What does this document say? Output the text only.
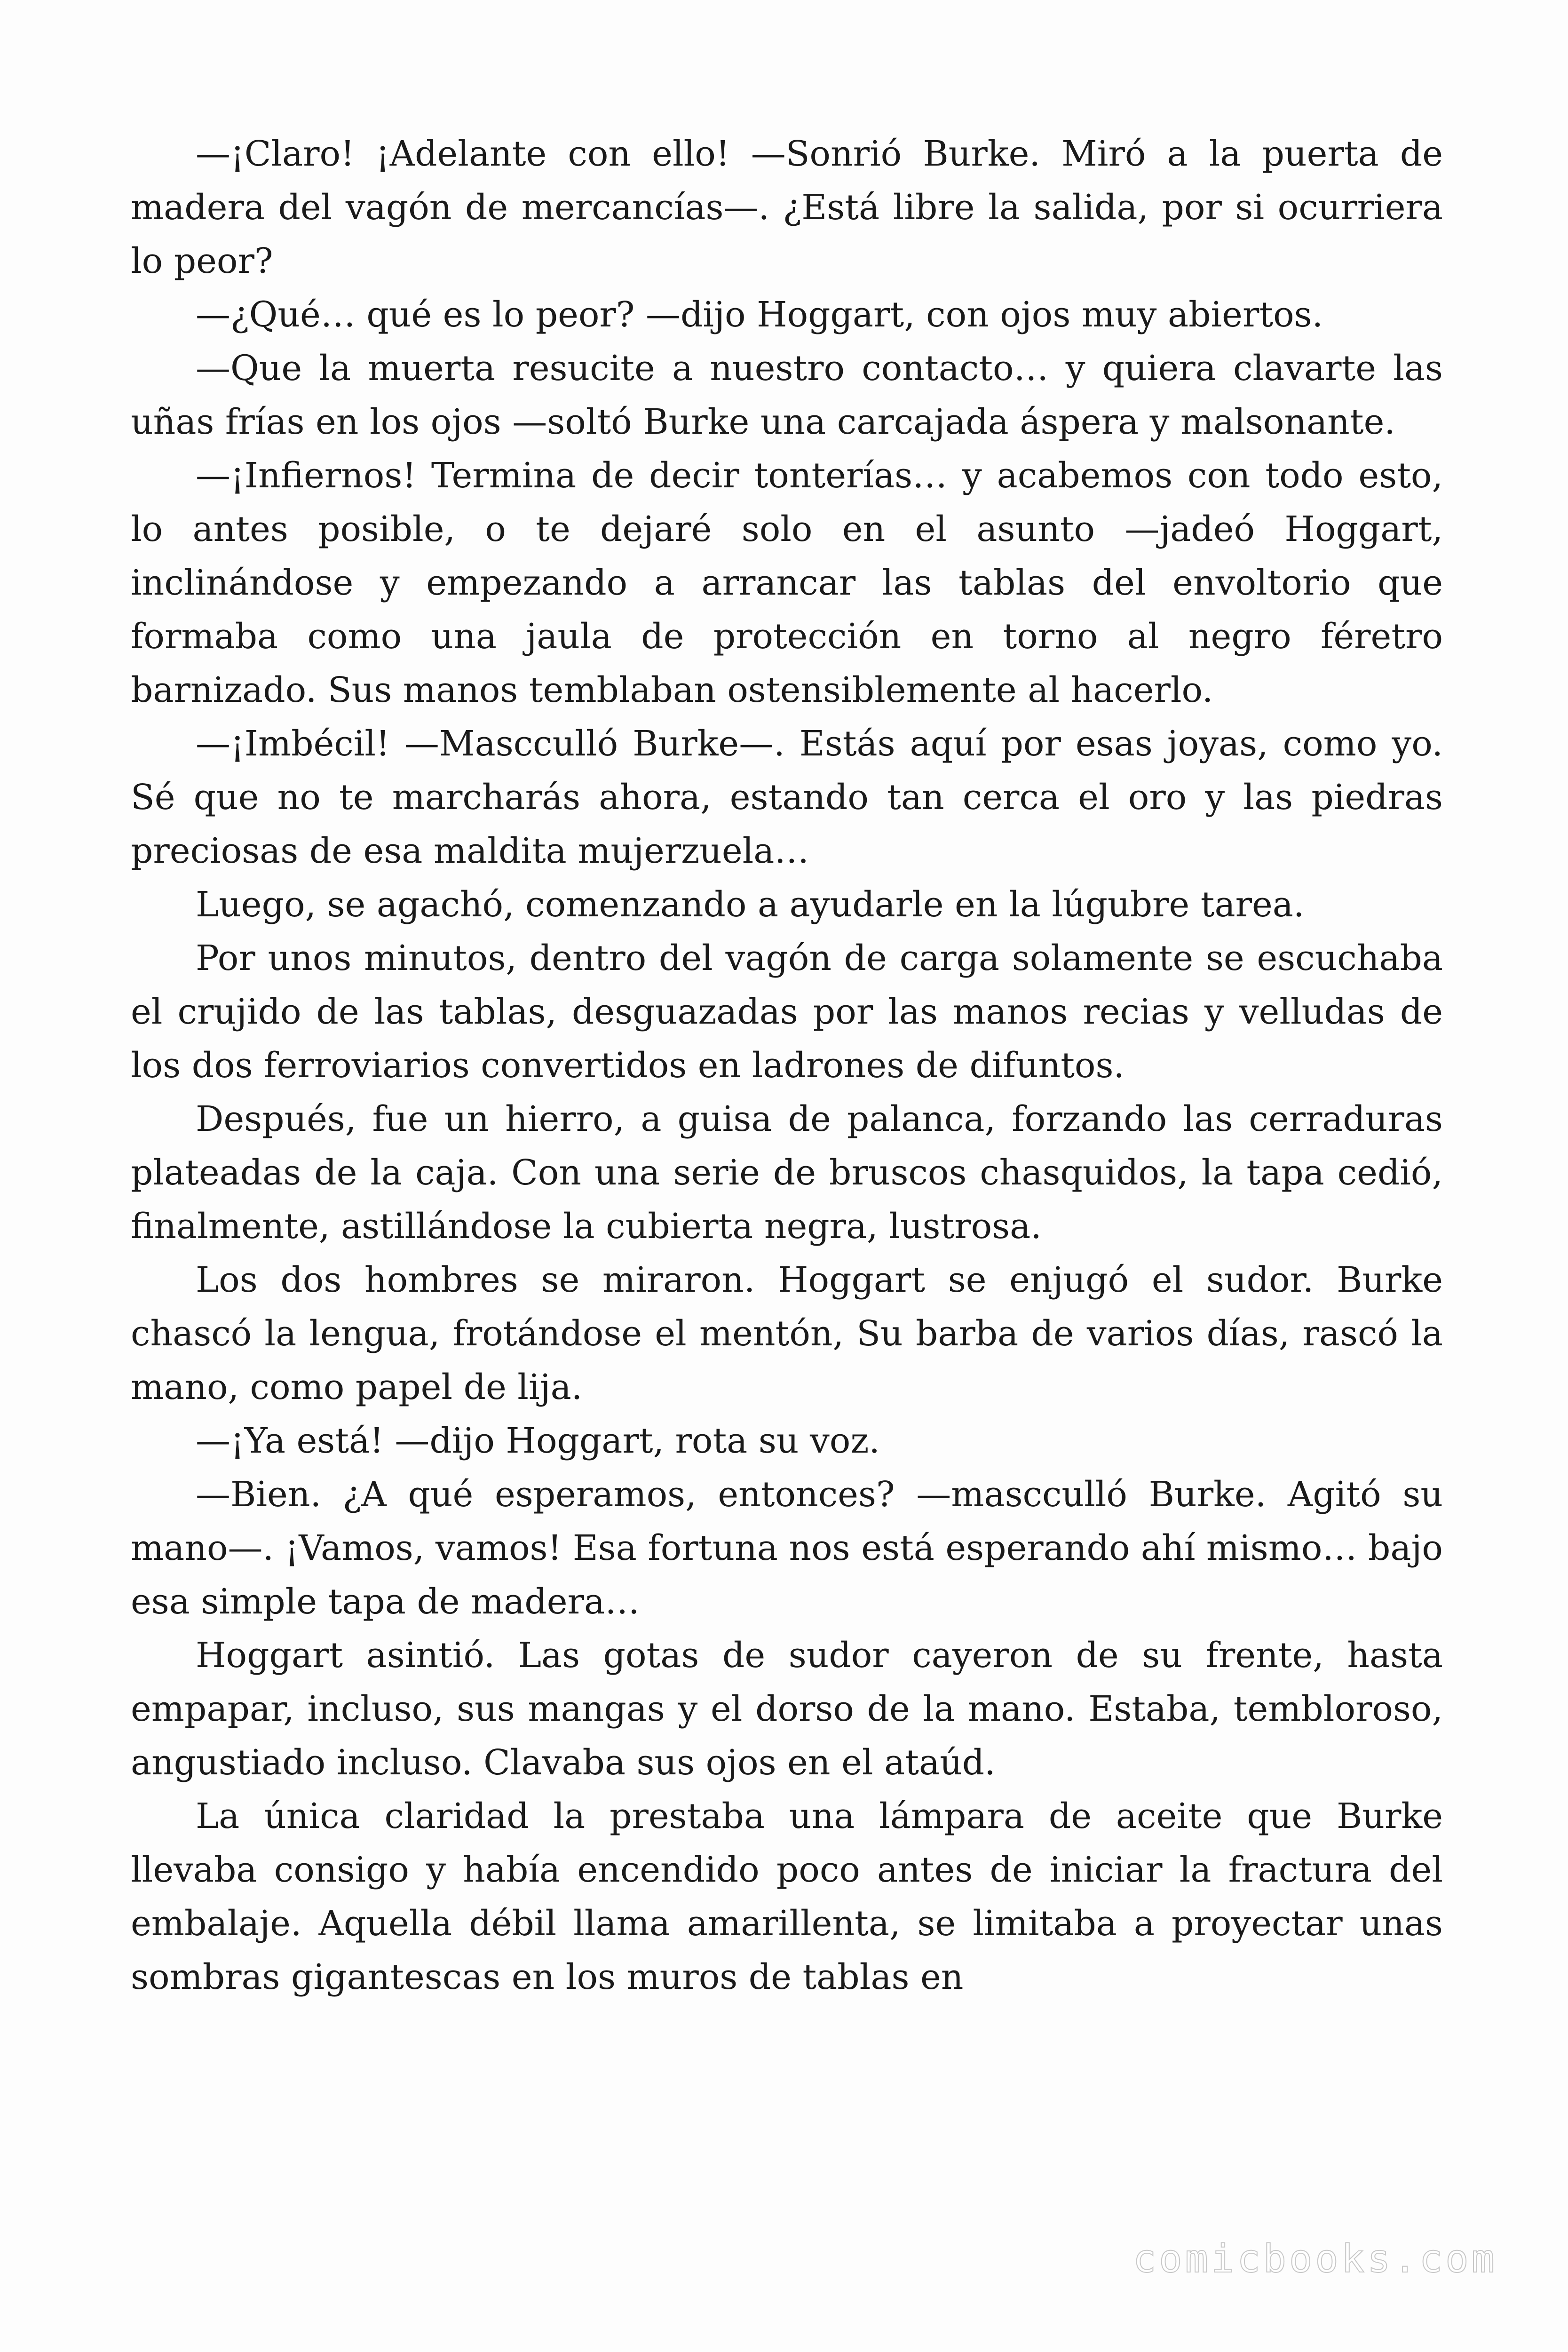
—¡Claro! ¡Adelante con ello! —Sonrió Burke. Miró a la puerta de madera del vagón de mercancías—. ¿Está libre la salida, por si ocurriera lo peor?

—¿Qué… qué es lo peor? —dijo Hoggart, con ojos muy abiertos.

—Que la muerta resucite a nuestro contacto… y quiera clavarte las uñas frías en los ojos —soltó Burke una carcajada áspera y malsonante.

—¡Infiernos! Termina de decir tonterías… y acabemos con todo esto, lo antes posible, o te dejaré solo en el asunto —jadeó Hoggart, inclinándose y empezando a arrancar las tablas del envoltorio que formaba como una jaula de protección en torno al negro féretro barnizado. Sus manos temblaban ostensiblemente al hacerlo.

—¡Imbécil! —Mascculló Burke—. Estás aquí por esas joyas, como yo. Sé que no te marcharás ahora, estando tan cerca el oro y las piedras preciosas de esa maldita mujerzuela…

Luego, se agachó, comenzando a ayudarle en la lúgubre tarea.

Por unos minutos, dentro del vagón de carga solamente se escuchaba el crujido de las tablas, desguazadas por las manos recias y velludas de los dos ferroviarios convertidos en ladrones de difuntos.

Después, fue un hierro, a guisa de palanca, forzando las cerraduras plateadas de la caja. Con una serie de bruscos chasquidos, la tapa cedió, finalmente, astillándose la cubierta negra, lustrosa.

Los dos hombres se miraron. Hoggart se enjugó el sudor. Burke chascó la lengua, frotándose el mentón, Su barba de varios días, rascó la mano, como papel de lija.

—¡Ya está! —dijo Hoggart, rota su voz.

—Bien. ¿A qué esperamos, entonces? —mascculló Burke. Agitó su mano—. ¡Vamos, vamos! Esa fortuna nos está esperando ahí mismo… bajo esa simple tapa de madera…

Hoggart asintió. Las gotas de sudor cayeron de su frente, hasta empapar, incluso, sus mangas y el dorso de la mano. Estaba, tembloroso, angustiado incluso. Clavaba sus ojos en el ataúd.

La única claridad la prestaba una lámpara de aceite que Burke llevaba consigo y había encendido poco antes de iniciar la fractura del embalaje. Aquella débil llama amarillenta, se limitaba a proyectar unas sombras gigantescas en los muros de tablas en

comicbooks.com
